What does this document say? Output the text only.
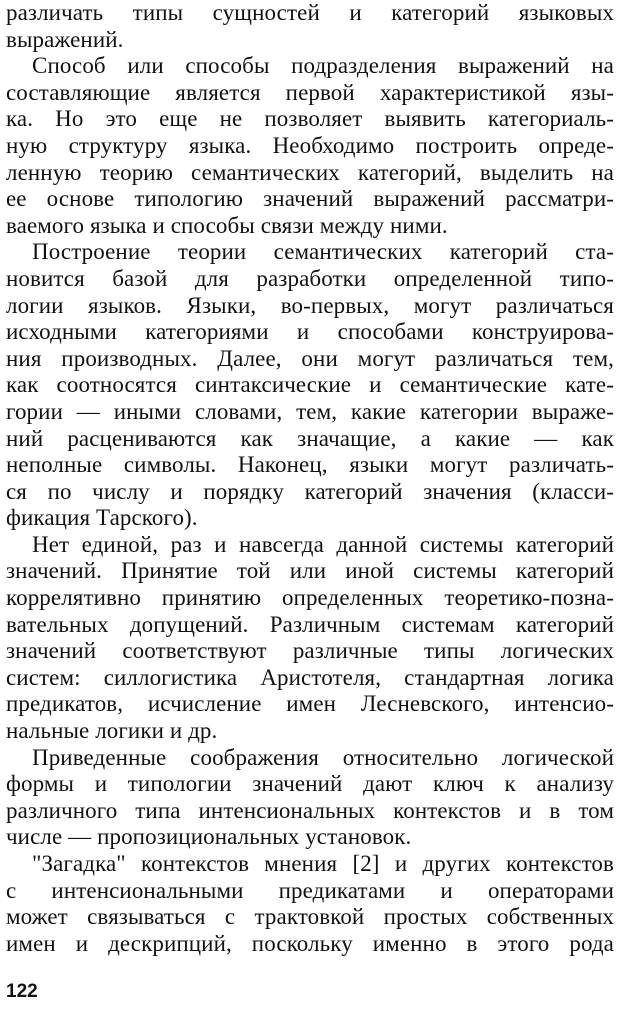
различать типы сущностей и категорий языковых
выражений.
Способ или способы подразделения выражений на
составляющие является первой характеристикой язы-
ка. Но это еще не позволяет выявить категориаль-
ную структуру языка. Необходимо построить опреде-
ленную теорию семантических категорий, выделить на
ее основе типологию значений выражений рассматри-
ваемого языка и способы связи между ними.
Построение теории семантических категорий ста-
новится базой для разработки определенной типо-
логии языков. Языки, во-первых, могут различаться
исходными категориями и способами конструирова-
ния производных. Далее, они могут различаться тем,
как соотносятся синтаксические и семантические кате-
гории — иными словами, тем, какие категории выраже-
ний расцениваются как значащие, а какие — как
неполные символы. Наконец, языки могут различать-
ся по числу и порядку категорий значения (класси-
фикация Тарского).
Нет единой, раз и навсегда данной системы категорий
значений. Принятие той или иной системы категорий
коррелятивно принятию определенных теоретико-позна-
вательных допущений. Различным системам категорий
значений соответствуют различные типы логических
систем: силлогистика Аристотеля, стандартная логика
предикатов, исчисление имен Лесневского, интенсио-
нальные логики и др.
Приведенные соображения относительно логической
формы и типологии значений дают ключ к анализу
различного типа интенсиональных контекстов и в том
числе — пропозициональных установок.
"Загадка" контекстов мнения [2] и других контекстов
с интенсиональными предикатами и операторами
может связываться с трактовкой простых собственных
имен и дескрипций, поскольку именно в этого рода
122
